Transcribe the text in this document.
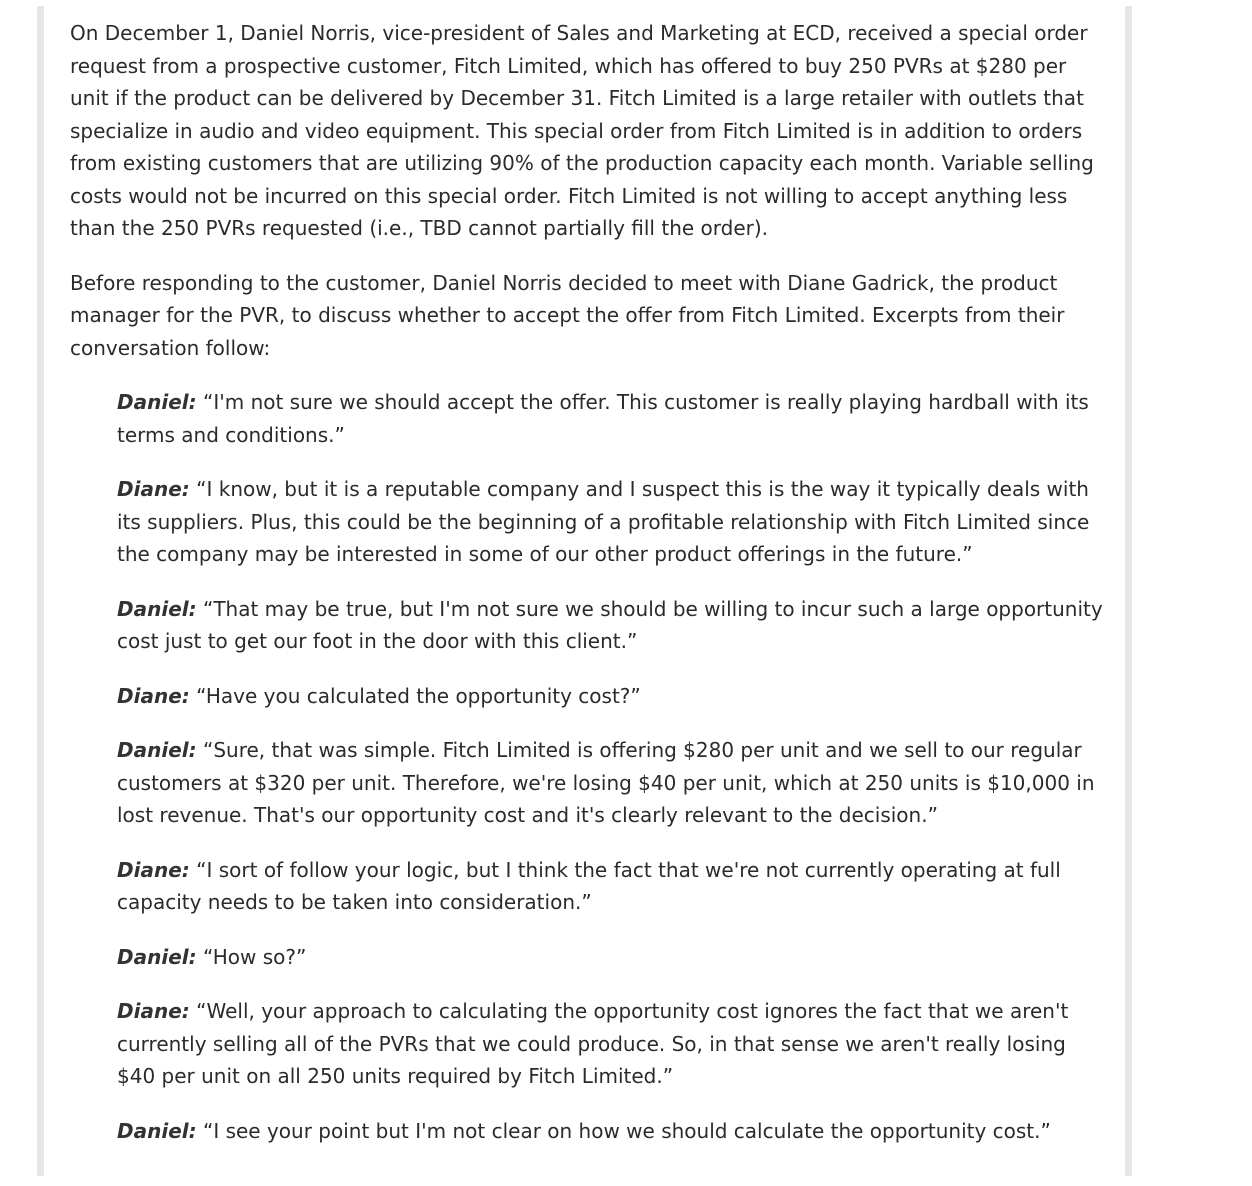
On December 1, Daniel Norris, vice-president of Sales and Marketing at ECD, received a special order request from a prospective customer, Fitch Limited, which has offered to buy 250 PVRs at $280 per unit if the product can be delivered by December 31. Fitch Limited is a large retailer with outlets that specialize in audio and video equipment. This special order from Fitch Limited is in addition to orders from existing customers that are utilizing 90% of the production capacity each month. Variable selling costs would not be incurred on this special order. Fitch Limited is not willing to accept anything less than the 250 PVRs requested (i.e., TBD cannot partially fill the order).

Before responding to the customer, Daniel Norris decided to meet with Diane Gadrick, the product manager for the PVR, to discuss whether to accept the offer from Fitch Limited. Excerpts from their conversation follow:

Daniel: “I'm not sure we should accept the offer. This customer is really playing hardball with its terms and conditions.”

Diane: “I know, but it is a reputable company and I suspect this is the way it typically deals with its suppliers. Plus, this could be the beginning of a profitable relationship with Fitch Limited since the company may be interested in some of our other product offerings in the future.”

Daniel: “That may be true, but I'm not sure we should be willing to incur such a large opportunity cost just to get our foot in the door with this client.”

Diane: “Have you calculated the opportunity cost?”

Daniel: “Sure, that was simple. Fitch Limited is offering $280 per unit and we sell to our regular customers at $320 per unit. Therefore, we're losing $40 per unit, which at 250 units is $10,000 in lost revenue. That's our opportunity cost and it's clearly relevant to the decision.”

Diane: “I sort of follow your logic, but I think the fact that we're not currently operating at full capacity needs to be taken into consideration.”

Daniel: “How so?”

Diane: “Well, your approach to calculating the opportunity cost ignores the fact that we aren't currently selling all of the PVRs that we could produce. So, in that sense we aren't really losing $40 per unit on all 250 units required by Fitch Limited.”

Daniel: “I see your point but I'm not clear on how we should calculate the opportunity cost.”
